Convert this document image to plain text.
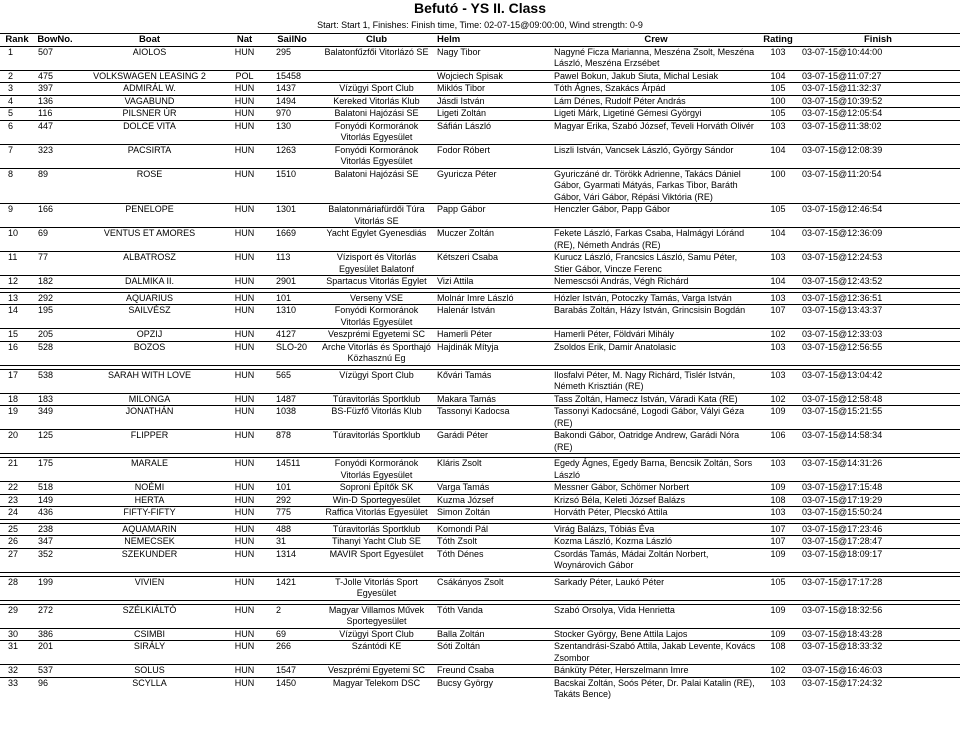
Befutó - YS II. Class
Start: Start 1, Finishes: Finish time, Time: 02-07-15@09:00:00, Wind strength: 0-9
Rank	BowNo.	Boat	Nat	SailNo	Club	Helm	Crew	Rating	Finish
1	507	AIOLOS	HUN	295	Balatonfűzfői Vitorlázó SE	Nagy Tibor	Nagyné Ficza Marianna, Meszéna Zsolt, Meszéna László, Meszéna Erzsébet	103	03-07-15@10:44:00
2	475	VOLKSWAGEN LEASING 2	POL	15458		Wojciech Spisak	Pawel Bokun, Jakub Siuta, Michal Lesiak	104	03-07-15@11:07:27
3	397	ADMIRÁL W.	HUN	1437	Vízügyi Sport Club	Miklós Tibor	Tóth Ágnes, Szakács Árpád	105	03-07-15@11:32:37
4	136	VAGABUND	HUN	1494	Kereked Vitorlás Klub	Jásdi István	Lám Dénes, Rudolf Péter András	100	03-07-15@10:39:52
5	116	PILSNER ÚR	HUN	970	Balatoni Hajózási SE	Ligeti Zoltán	Ligeti Márk, Ligetiné Gémesi Györgyi	105	03-07-15@12:05:54
6	447	DOLCE VITA	HUN	130	Fonyódi Kormoránok Vitorlás Egyesület	Sáfián László	Magyar Erika, Szabó József, Teveli Horváth Olivér	103	03-07-15@11:38:02
7	323	PACSIRTA	HUN	1263	Fonyódi Kormoránok Vitorlás Egyesület	Fodor Róbert	Liszli István, Vancsek László, György Sándor	104	03-07-15@12:08:39
8	89	ROSE	HUN	1510	Balatoni Hajózási SE	Gyuricza Péter	Gyuriczáné dr. Törökk Adrienne, Takács Dániel Gábor, Gyarmati Mátyás, Farkas Tibor, Baráth Gábor, Vári Gábor, Répási Viktória (RE)	100	03-07-15@11:20:54
9	166	PENELOPE	HUN	1301	Balatonmáriafürdői Túra Vitorlás SE	Papp Gábor	Henczler Gábor, Papp Gábor	105	03-07-15@12:46:54
10	69	VENTUS ET AMORES	HUN	1669	Yacht Egylet Gyenesdiás	Muczer Zoltán	Fekete László, Farkas Csaba, Halmágyi Lóránd (RE), Németh András (RE)	104	03-07-15@12:36:09
11	77	ALBATROSZ	HUN	113	Vízisport és Vitorlás Egyesület Balatonf	Kétszeri Csaba	Kurucz László, Francsics László, Samu Péter, Stier Gábor, Vincze Ferenc	103	03-07-15@12:24:53
12	182	DALMIKA II.	HUN	2901	Spartacus Vitorlás Egylet	Vizi Attila	Nemescsói András, Végh Richárd	104	03-07-15@12:43:52

13	292	AQUARIUS	HUN	101	Verseny VSE	Molnár Imre László	Hózler István, Potoczky Tamás, Varga István	103	03-07-15@12:36:51
14	195	SAILVÉSZ	HUN	1310	Fonyódi Kormoránok Vitorlás Egyesület	Halenár István	Barabás Zoltán, Házy István, Grincsisin Bogdán	107	03-07-15@13:43:37
15	205	OPZIJ	HUN	4127	Veszprémi Egyetemi SC	Hamerli Péter	Hamerli Péter, Földvári Mihály	102	03-07-15@12:33:03
16	528	BOZOS	HUN	SLO-20	Arche Vitorlás és Sporthajó Közhasznú Eg	Hajdinák Mítyja	Zsoldos Erik, Damir Anatolasic	103	03-07-15@12:56:55

17	538	SARAH WITH LOVE	HUN	565	Vízügyi Sport Club	Kővári Tamás	Ilosfalvi Péter, M. Nagy Richárd, Tislér István, Németh Krisztián (RE)	103	03-07-15@13:04:42
18	183	MILONGA	HUN	1487	Túravitorlás Sportklub	Makara Tamás	Tass Zoltán, Hamecz István, Váradi Kata (RE)	102	03-07-15@12:58:48
19	349	JONATHÁN	HUN	1038	BS-Füzfő Vitorlás Klub	Tassonyi Kadocsa	Tassonyi Kadocsáné, Logodi Gábor, Vályi Géza (RE)	109	03-07-15@15:21:55
20	125	FLIPPER	HUN	878	Túravitorlás Sportklub	Garádi Péter	Bakondi Gábor, Oatridge Andrew, Garádi Nóra (RE)	106	03-07-15@14:58:34

21	175	MARALE	HUN	14511	Fonyódi Kormoránok Vitorlás Egyesület	Kláris Zsolt	Egedy Ágnes, Egedy Barna, Bencsik Zoltán, Sors László	103	03-07-15@14:31:26
22	518	NOÉMI	HUN	101	Soproni Építők SK	Varga Tamás	Messner Gábor, Schömer Norbert	109	03-07-15@17:15:48
23	149	HERTA	HUN	292	Win-D Sportegyesület	Kuzma József	Krizsó Béla, Keleti József Balázs	108	03-07-15@17:19:29
24	436	FIFTY-FIFTY	HUN	775	Raffica Vitorlás Egyesület	Simon Zoltán	Horváth Péter, Plecskó Attila	103	03-07-15@15:50:24

25	238	AQUAMARIN	HUN	488	Túravitorlás Sportklub	Komondi Pál	Virág Balázs, Tóbiás Éva	107	03-07-15@17:23:46
26	347	NEMECSEK	HUN	31	Tihanyi Yacht Club SE	Tóth Zsolt	Kozma László, Kozma László	107	03-07-15@17:28:47
27	352	SZEKUNDER	HUN	1314	MAVIR Sport Egyesület	Tóth Dénes	Csordás Tamás, Mádai Zoltán Norbert, Woynárovich Gábor	109	03-07-15@18:09:17

28	199	VIVIEN	HUN	1421	T-Jolle Vitorlás Sport Egyesület	Csákányos Zsolt	Sarkady Péter, Laukó Péter	105	03-07-15@17:17:28

29	272	SZÉLKIÁLTÓ	HUN	2	Magyar Villamos Művek Sportegyesület	Tóth Vanda	Szabó Orsolya, Vida Henrietta	109	03-07-15@18:32:56
30	386	CSIMBI	HUN	69	Vízügyi Sport Club	Balla Zoltán	Stocker György, Bene Attila Lajos	109	03-07-15@18:43:28
31	201	SIRÁLY	HUN	266	Szántódi KE	Sóti Zoltán	Szentandrási-Szabó Attila, Jakab Levente, Kovács Zsombor	108	03-07-15@18:33:32
32	537	SOLUS	HUN	1547	Veszprémi Egyetemi SC	Freund Csaba	Bánküty Péter, Herszelmann Imre	102	03-07-15@16:46:03
33	96	SCYLLA	HUN	1450	Magyar Telekom DSC	Bucsy György	Bacskai Zoltán, Soós Péter, Dr. Palai Katalin (RE), Takáts Bence)	103	03-07-15@17:24:32
